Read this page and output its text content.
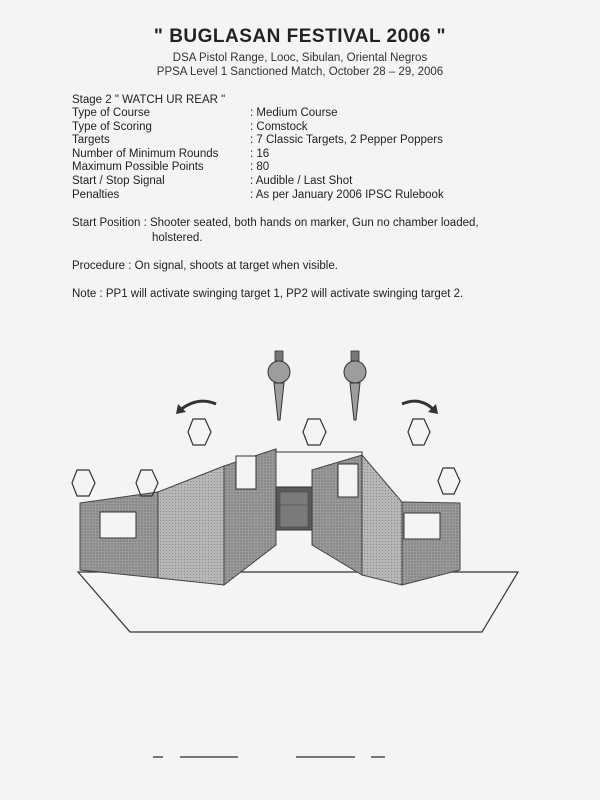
" BUGLASAN FESTIVAL 2006 "
DSA Pistol Range, Looc, Sibulan, Oriental Negros
PPSA Level 1 Sanctioned Match, October 28 – 29, 2006
Stage 2 " WATCH UR REAR "
Type of Course	: Medium Course
Type of Scoring	: Comstock
Targets	: 7 Classic Targets, 2 Pepper Poppers
Number of Minimum Rounds	: 16
Maximum Possible Points	: 80
Start / Stop Signal	: Audible / Last Shot
Penalties	: As per January 2006 IPSC Rulebook
Start Position : Shooter seated, both hands on marker, Gun no chamber loaded,
holstered.
Procedure : On signal, shoots at target when visible.
Note : PP1 will activate swinging target 1, PP2 will activate swinging target 2.
